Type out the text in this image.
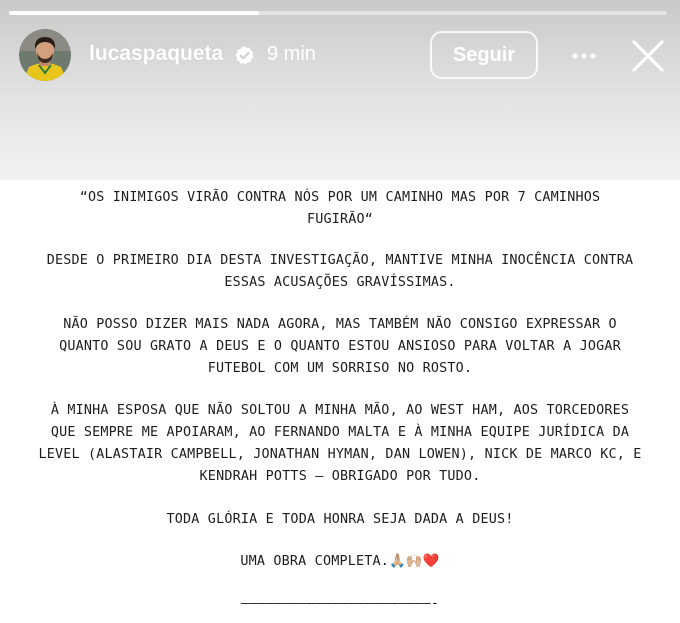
lucaspaqueta 9 min	Seguir
“OS INIMIGOS VIRÃO CONTRA NÓS POR UM CAMINHO MAS POR 7 CAMINHOS
FUGIRÃO“
DESDE O PRIMEIRO DIA DESTA INVESTIGAÇÃO, MANTIVE MINHA INOCÊNCIA CONTRA
ESSAS ACUSAÇÕES GRAVÍSSIMAS.
NÃO POSSO DIZER MAIS NADA AGORA, MAS TAMBÉM NÃO CONSIGO EXPRESSAR O
QUANTO SOU GRATO A DEUS E O QUANTO ESTOU ANSIOSO PARA VOLTAR A JOGAR
FUTEBOL COM UM SORRISO NO ROSTO.
À MINHA ESPOSA QUE NÃO SOLTOU A MINHA MÃO, AO WEST HAM, AOS TORCEDORES
QUE SEMPRE ME APOIARAM, AO FERNANDO MALTA E À MINHA EQUIPE JURÍDICA DA
LEVEL (ALASTAIR CAMPBELL, JONATHAN HYMAN, DAN LOWEN), NICK DE MARCO KC, E
KENDRAH POTTS – OBRIGADO POR TUDO.
TODA GLÓRIA E TODA HONRA SEJA DADA A DEUS!
UMA OBRA COMPLETA.🙏🏼🙌🏼❤️
———————————————————————-
